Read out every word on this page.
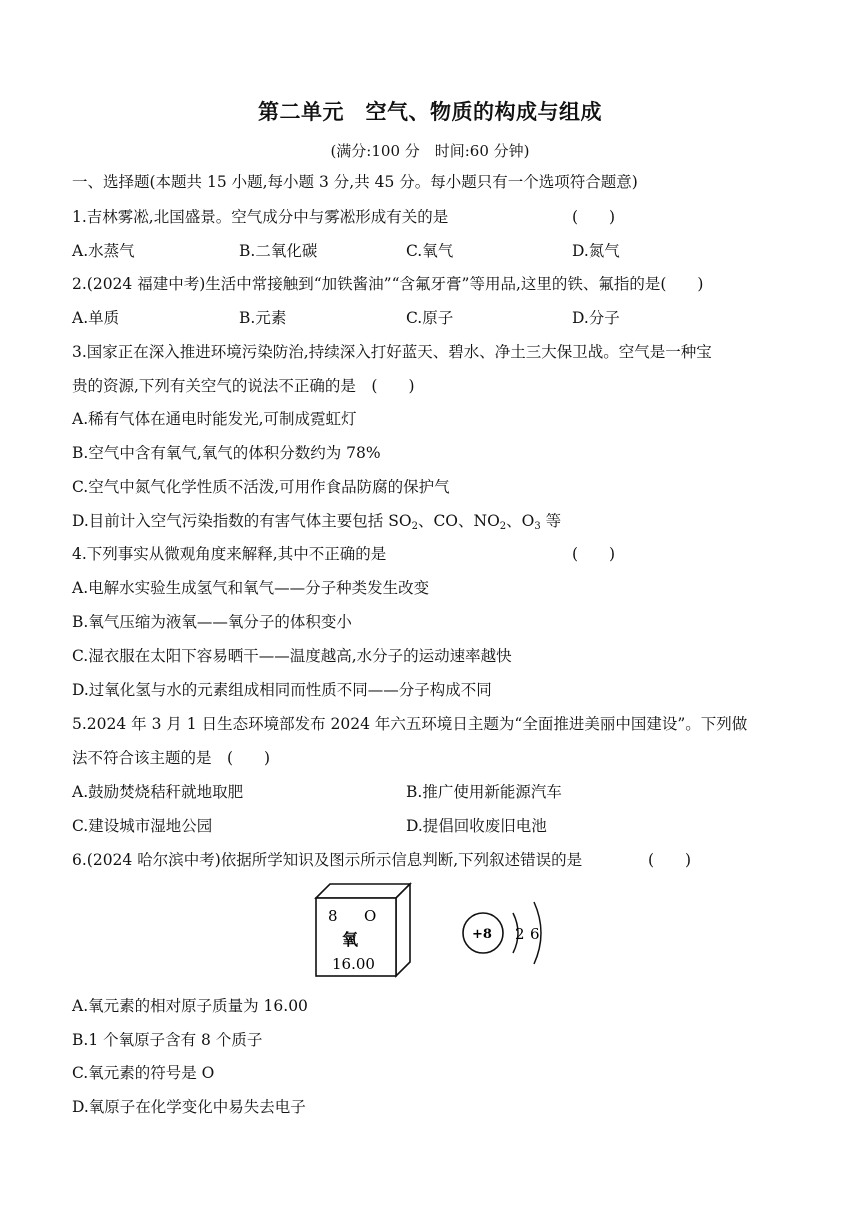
第二单元　空气、物质的构成与组成
(满分:100 分　时间:60 分钟)
一、选择题(本题共 15 小题,每小题 3 分,共 45 分。每小题只有一个选项符合题意)
1.吉林雾凇,北国盛景。空气成分中与雾凇形成有关的是	(　　)
A.水蒸气	B.二氧化碳	C.氧气	D.氮气
2.(2024 福建中考)生活中常接触到“加铁酱油”“含氟牙膏”等用品,这里的铁、氟指的是(　　)
A.单质	B.元素	C.原子	D.分子
3.国家正在深入推进环境污染防治,持续深入打好蓝天、碧水、净土三大保卫战。空气是一种宝
贵的资源,下列有关空气的说法不正确的是　(　　)
A.稀有气体在通电时能发光,可制成霓虹灯
B.空气中含有氧气,氧气的体积分数约为 78%
C.空气中氮气化学性质不活泼,可用作食品防腐的保护气
D.目前计入空气污染指数的有害气体主要包括 $SO_2$、CO、$NO_2$、$O_3$ 等
4.下列事实从微观角度来解释,其中不正确的是	(　　)
A.电解水实验生成氢气和氧气——分子种类发生改变
B.氧气压缩为液氧——氧分子的体积变小
C.湿衣服在太阳下容易晒干——温度越高,水分子的运动速率越快
D.过氧化氢与水的元素组成相同而性质不同——分子构成不同
5.2024 年 3 月 1 日生态环境部发布 2024 年六五环境日主题为“全面推进美丽中国建设”。下列做
法不符合该主题的是　(　　)
A.鼓励焚烧秸秆就地取肥	B.推广使用新能源汽车
C.建设城市湿地公园	D.提倡回收废旧电池
6.(2024 哈尔滨中考)依据所学知识及图示所示信息判断,下列叙述错误的是	(　　)
8 O
氧
16.00
+8 2 6
A.氧元素的相对原子质量为 16.00
B.1 个氧原子含有 8 个质子
C.氧元素的符号是 O
D.氧原子在化学变化中易失去电子
